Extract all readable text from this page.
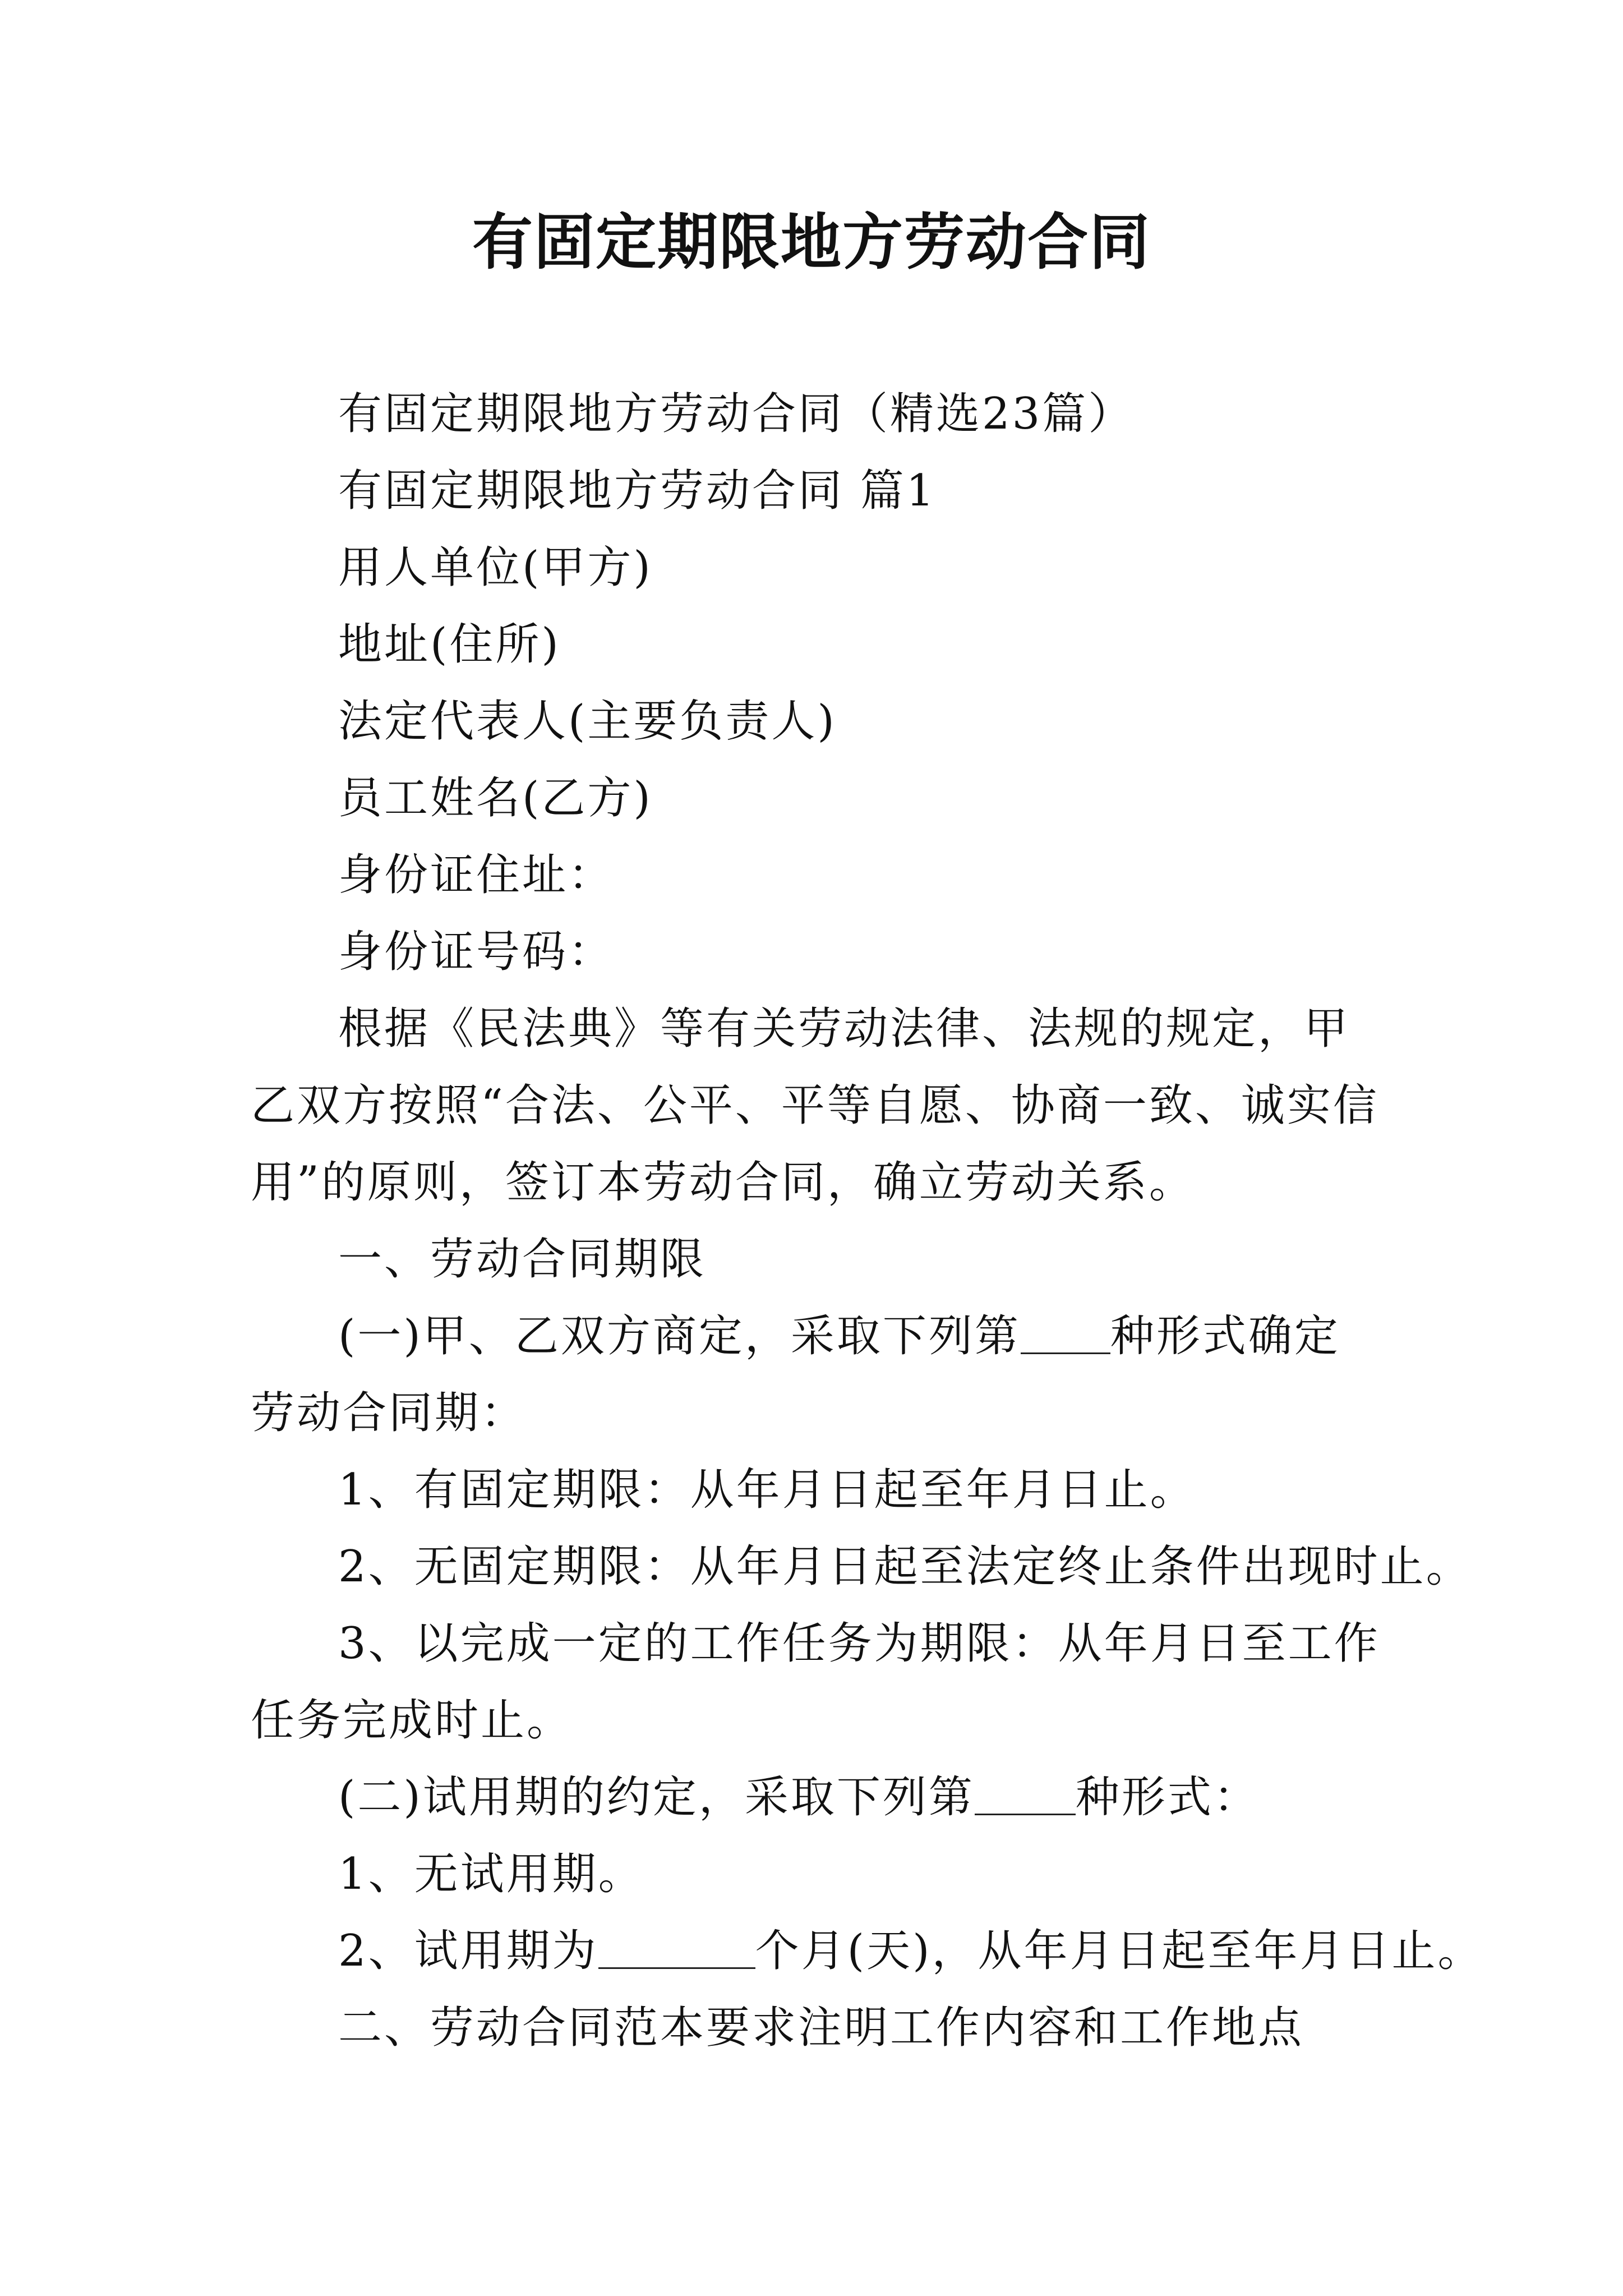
有固定期限地方劳动合同

有固定期限地方劳动合同（精选23篇）

有固定期限地方劳动合同 篇1

用人单位(甲方)

地址(住所)

法定代表人(主要负责人)

员工姓名(乙方)

身份证住址：

身份证号码：

根据《民法典》等有关劳动法律、法规的规定，甲乙双方按照“合法、公平、平等自愿、协商一致、诚实信用”的原则，签订本劳动合同，确立劳动关系。

一、劳动合同期限

(一)甲、乙双方商定，采取下列第 种形式确定劳动合同期：

1、有固定期限：从年月日起至年月日止。

2、无固定期限：从年月日起至法定终止条件出现时止。

3、以完成一定的工作任务为期限：从年月日至工作任务完成时止。

(二)试用期的约定，采取下列第 种形式：

1、无试用期。

2、试用期为	个月(天)，从年月日起至年月日止。

二、劳动合同范本要求注明工作内容和工作地点
